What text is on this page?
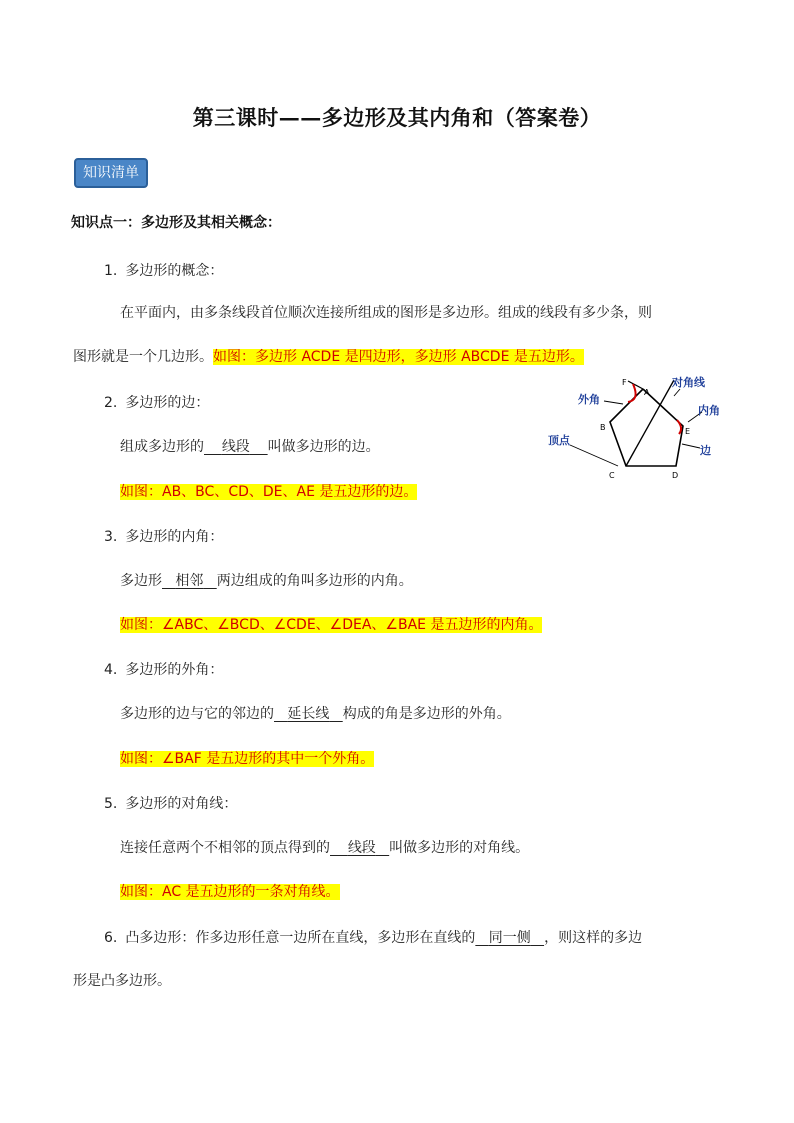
第三课时——多边形及其内角和（答案卷）
知识清单
知识点一：多边形及其相关概念：
1. 多边形的概念：
在平面内，由多条线段首位顺次连接所组成的图形是多边形。组成的线段有多少条，则
图形就是一个几边形。如图：多边形 ACDE 是四边形，多边形 ABCDE 是五边形。
2. 多边形的边：
组成多边形的 线段 叫做多边形的边。
如图：AB、BC、CD、DE、AE 是五边形的边。
3. 多边形的内角：
多边形 相邻 两边组成的角叫多边形的内角。
如图：∠ABC、∠BCD、∠CDE、∠DEA、∠BAE 是五边形的内角。
4. 多边形的外角：
多边形的边与它的邻边的 延长线 构成的角是多边形的外角。
如图：∠BAF 是五边形的其中一个外角。
5. 多边形的对角线：
连接任意两个不相邻的顶点得到的 线段 叫做多边形的对角线。
如图：AC 是五边形的一条对角线。
6. 凸多边形：作多边形任意一边所在直线，多边形在直线的 同一侧 ，则这样的多边
形是凸多边形。
F
A
B
C	D
E
外角
对角线
内角
顶点
边
